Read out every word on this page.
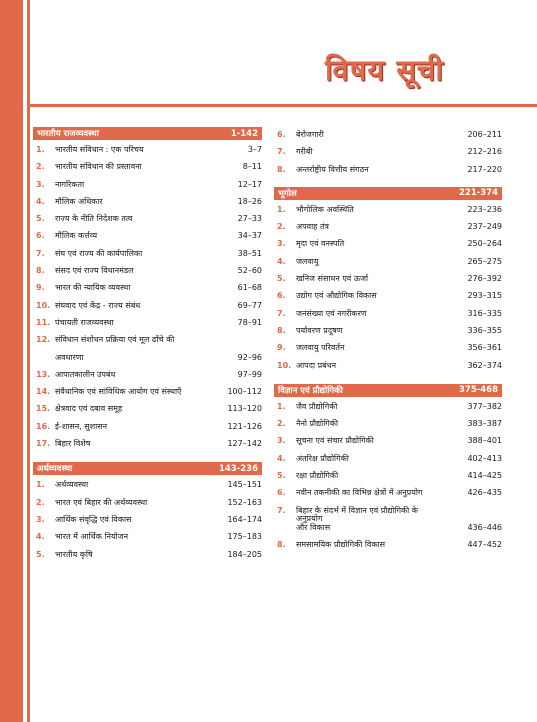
विषय सूची
भारतीय राजव्यवस्था	1-142
1.	भारतीय संविधान : एक परिचय	3–7
2.	भारतीय संविधान की प्रस्तावना	8–11
3.	नागरिकता	12–17
4.	मौलिक अधिकार	18–26
5.	राज्य के नीति निदेशक तत्व	27–33
6.	मौलिक कर्त्तव्य	34–37
7.	संघ एवं राज्य की कार्यपालिका	38–51
8.	संसद एवं राज्य विधानमंडल	52–60
9.	भारत की न्यायिक व्यवस्था	61–68
10. संघवाद एवं केंद्र - राज्य संबंध	69–77
11. पंचायती राजव्यवस्था	78–91
12. संविधान संशोधन प्रक्रिया एवं मूल ढाँचे की
अवधारणा	92–96
13. आपातकालीन उपबंध	97–99
14. संवैधानिक एवं सांविधिक आयोग एवं संस्थाएँ	100–112
15. क्षेत्रवाद एवं दबाव समूह	113–120
16. ई-शासन, सुशासन	121–126
17. बिहार विशेष	127–142
अर्थव्यवस्था	143-236
1.	अर्थव्यवस्था	145–151
2.	भारत एवं बिहार की अर्थव्यवस्था	152–163
3.	आर्थिक संवृद्धि एवं विकास	164–174
4.	भारत में आर्थिक नियोजन	175–183
5.	भारतीय कृषि	184–205
6.	बेरोजगारी	206–211
7.	गरीबी	212–216
8.	अन्तर्राष्ट्रीय वित्तीय संगठन	217–220
भूगोल	221-374
1.	भौगोलिक अवस्थिति	223–236
2.	अपवाह तंत्र	237–249
3.	मृदा एवं वनस्पति	250–264
4.	जलवायु	265–275
5.	खनिज संसाधन एवं ऊर्जा	276–392
6.	उद्योग एवं औद्योगिक विकास	293–315
7.	जनसंख्या एवं नगरीकरण	316–335
8.	पर्यावरण प्रदूषण	336–355
9.	जलवायु परिवर्तन	356–361
10. आपदा प्रबंधन	362–374
विज्ञान एवं प्रौद्योगिकी	375-468
1.	जैव प्रौद्योगिकी	377–382
2.	नैनो प्रौद्योगिकी	383–387
3.	सूचना एवं संचार प्रौद्योगिकी	388–401
4.	अंतरिक्ष प्रौद्योगिकी	402–413
5.	रक्षा प्रौद्योगिकी	414–425
6.	नवीन तकनीकी का विभिन्न क्षेत्रों में अनुप्रयोग	426–435
7.	बिहार के संदर्भ में विज्ञान एवं प्रौद्योगिकी के अनुप्रयोग
और विकास	436–446
8.	समसामयिक प्रौद्योगिकी विकास	447–452
